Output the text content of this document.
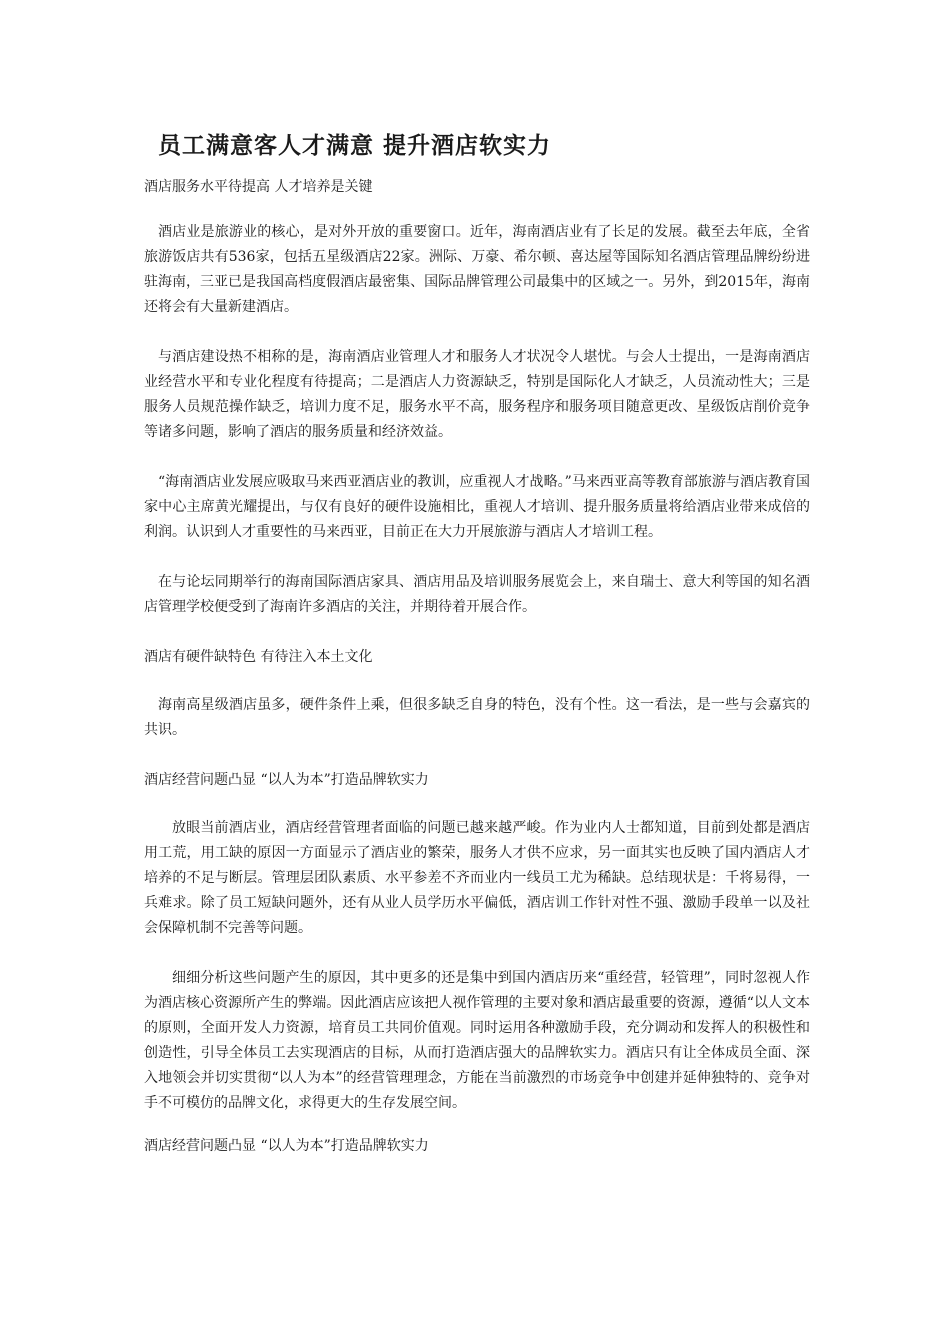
员工满意客人才满意 提升酒店软实力
酒店服务水平待提高 人才培养是关键

酒店业是旅游业的核心，是对外开放的重要窗口。近年，海南酒店业有了长足的发展。截至去年底，全省旅游饭店共有536家，包括五星级酒店22家。洲际、万豪、希尔顿、喜达屋等国际知名酒店管理品牌纷纷进驻海南，三亚已是我国高档度假酒店最密集、国际品牌管理公司最集中的区域之一。另外，到2015年，海南还将会有大量新建酒店。

与酒店建设热不相称的是，海南酒店业管理人才和服务人才状况令人堪忧。与会人士提出，一是海南酒店业经营水平和专业化程度有待提高；二是酒店人力资源缺乏，特别是国际化人才缺乏，人员流动性大；三是服务人员规范操作缺乏，培训力度不足，服务水平不高，服务程序和服务项目随意更改、星级饭店削价竞争等诸多问题，影响了酒店的服务质量和经济效益。

“海南酒店业发展应吸取马来西亚酒店业的教训，应重视人才战略。”马来西亚高等教育部旅游与酒店教育国家中心主席黄光耀提出，与仅有良好的硬件设施相比，重视人才培训、提升服务质量将给酒店业带来成倍的利润。认识到人才重要性的马来西亚，目前正在大力开展旅游与酒店人才培训工程。

在与论坛同期举行的海南国际酒店家具、酒店用品及培训服务展览会上，来自瑞士、意大利等国的知名酒店管理学校便受到了海南许多酒店的关注，并期待着开展合作。

酒店有硬件缺特色 有待注入本土文化

海南高星级酒店虽多，硬件条件上乘，但很多缺乏自身的特色，没有个性。这一看法，是一些与会嘉宾的共识。

酒店经营问题凸显 “以人为本”打造品牌软实力

放眼当前酒店业，酒店经营管理者面临的问题已越来越严峻。作为业内人士都知道，目前到处都是酒店用工荒，用工缺的原因一方面显示了酒店业的繁荣，服务人才供不应求，另一面其实也反映了国内酒店人才培养的不足与断层。管理层团队素质、水平参差不齐而业内一线员工尤为稀缺。总结现状是：千将易得，一兵难求。除了员工短缺问题外，还有从业人员学历水平偏低，酒店训工作针对性不强、激励手段单一以及社会保障机制不完善等问题。

细细分析这些问题产生的原因，其中更多的还是集中到国内酒店历来“重经营，轻管理”，同时忽视人作为酒店核心资源所产生的弊端。因此酒店应该把人视作管理的主要对象和酒店最重要的资源，遵循“以人文本的原则，全面开发人力资源，培育员工共同价值观。同时运用各种激励手段，充分调动和发挥人的积极性和创造性，引导全体员工去实现酒店的目标，从而打造酒店强大的品牌软实力。酒店只有让全体成员全面、深入地领会并切实贯彻“以人为本”的经营管理理念，方能在当前激烈的市场竞争中创建并延伸独特的、竞争对手不可模仿的品牌文化，求得更大的生存发展空间。

酒店经营问题凸显 “以人为本”打造品牌软实力
